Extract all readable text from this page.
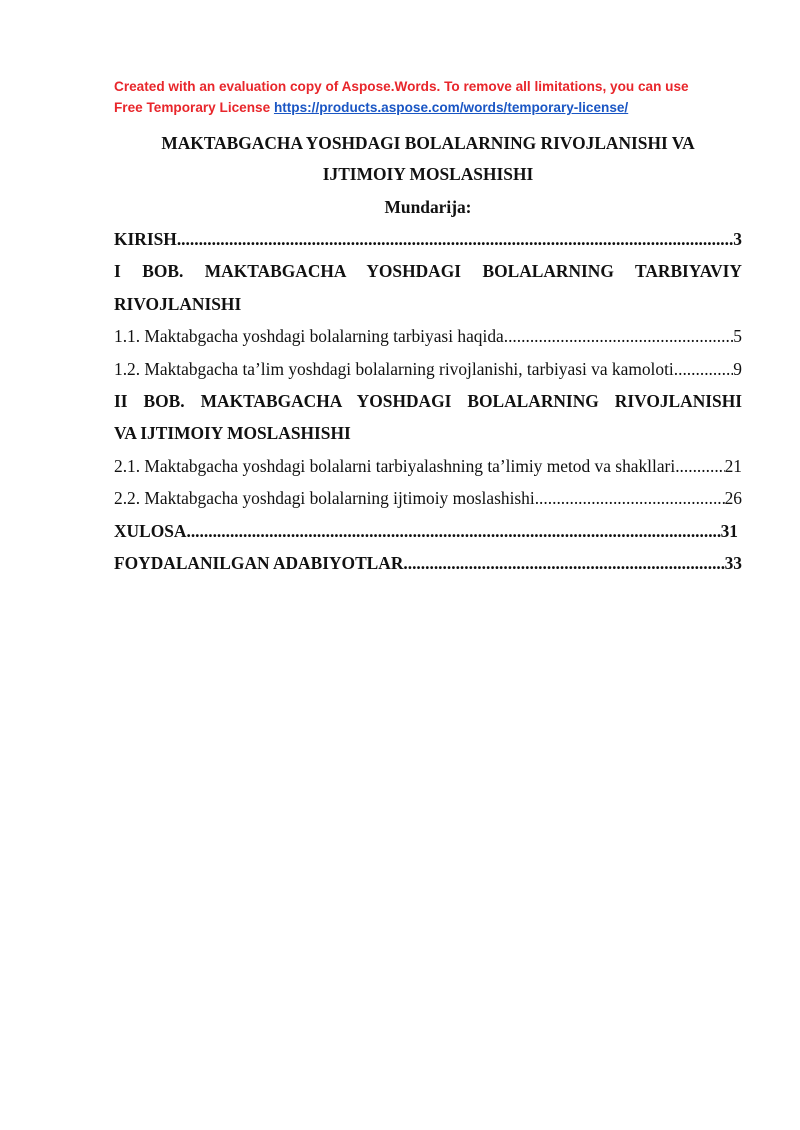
Created with an evaluation copy of Aspose.Words. To remove all limitations, you can use
Free Temporary License https://products.aspose.com/words/temporary-license/
MAKTABGACHA YOSHDAGI BOLALARNING RIVOJLANISHI VA
IJTIMOIY MOSLASHISHI
Mundarija:
KIRISH .....	3
I BOB. MAKTABGACHA YOSHDAGI BOLALARNING TARBIYAVIY
RIVOJLANISHI
1.1. Maktabgacha yoshdagi bolalarning tarbiyasi haqida .....	5
1.2. Maktabgacha ta’lim yoshdagi bolalarning rivojlanishi, tarbiyasi va kamoloti .....	9
II BOB. MAKTABGACHA YOSHDAGI BOLALARNING RIVOJLANISHI
VA IJTIMOIY MOSLASHISHI
2.1. Maktabgacha yoshdagi bolalarni tarbiyalashning ta’limiy metod va shakllari .....	21
2.2. Maktabgacha yoshdagi bolalarning ijtimoiy moslashishi .....	26
XULOSA .....	31
FOYDALANILGAN ADABIYOTLAR .....	33
